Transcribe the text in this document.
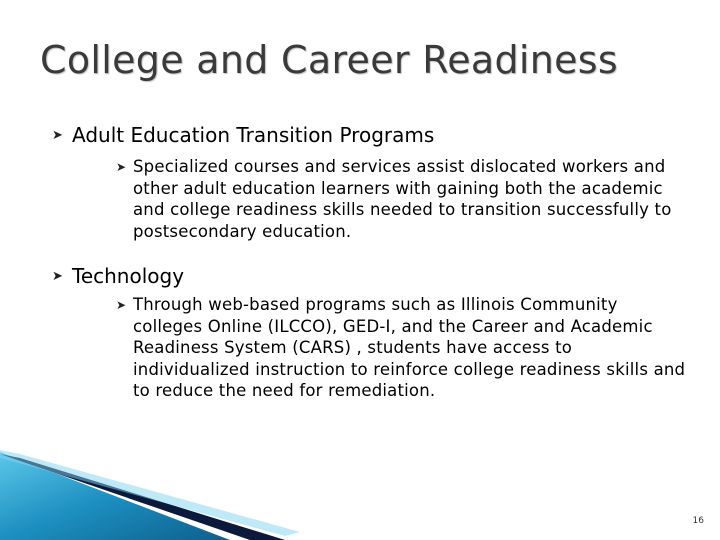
College and Career Readiness
➤ Adult Education Transition Programs
➤ Specialized courses and services assist dislocated workers and other adult education learners with gaining both the academic and college readiness skills needed to transition successfully to postsecondary education.
➤ Technology
➤ Through web-based programs such as Illinois Community colleges Online (ILCCO), GED-I, and the Career and Academic Readiness System (CARS) , students have access to individualized instruction to reinforce college readiness skills and to reduce the need for remediation.
16
